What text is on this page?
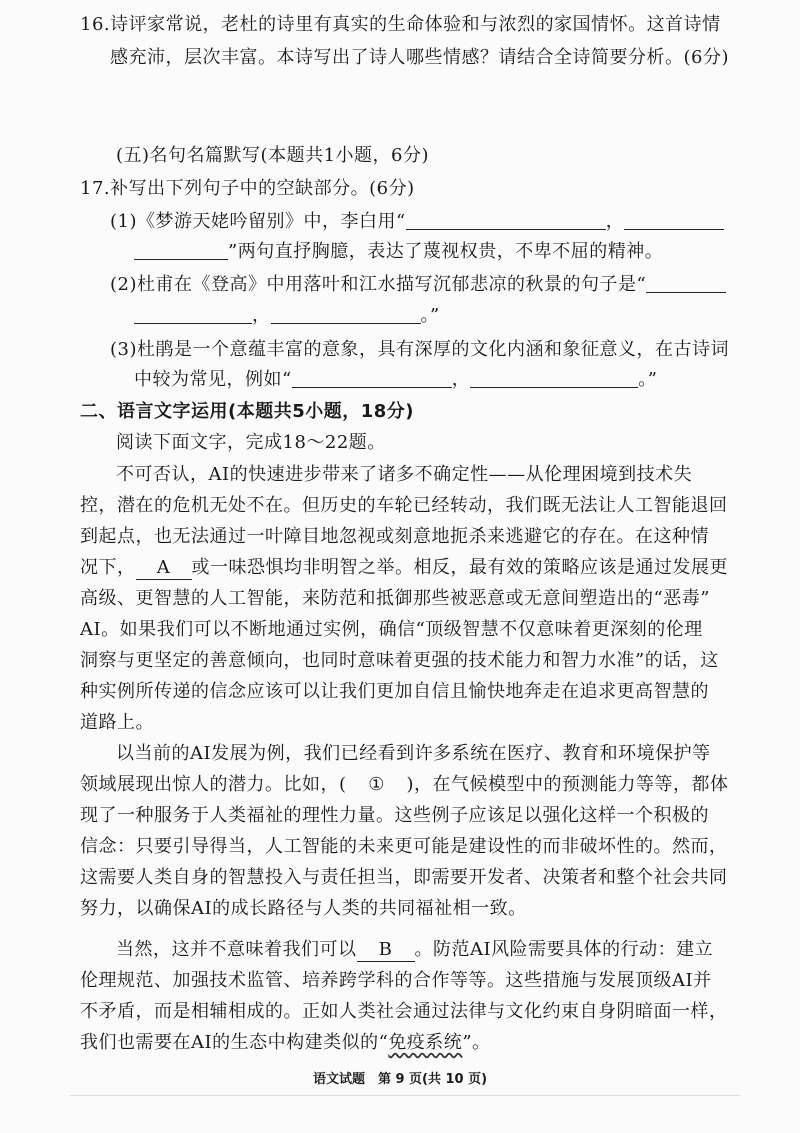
16.诗评家常说，老杜的诗里有真实的生命体验和与浓烈的家国情怀。这首诗情
感充沛，层次丰富。本诗写出了诗人哪些情感？请结合全诗简要分析。(6分)
(五)名句名篇默写(本题共1小题，6分)
17.补写出下列句子中的空缺部分。(6分)
(1)《梦游天姥吟留别》中，李白用“	，
”两句直抒胸臆，表达了蔑视权贵，不卑不屈的精神。
(2)杜甫在《登高》中用落叶和江水描写沉郁悲凉的秋景的句子是“
，	。”
(3)杜鹃是一个意蕴丰富的意象，具有深厚的文化内涵和象征意义，在古诗词
中较为常见，例如“	，	。”
二、语言文字运用(本题共5小题，18分)
阅读下面文字，完成18～22题。
不可否认，AI的快速进步带来了诸多不确定性——从伦理困境到技术失
控，潜在的危机无处不在。但历史的车轮已经转动，我们既无法让人工智能退回
到起点，也无法通过一叶障目地忽视或刻意地扼杀来逃避它的存在。在这种情
况下， A 或一味恐惧均非明智之举。相反，最有效的策略应该是通过发展更
高级、更智慧的人工智能，来防范和抵御那些被恶意或无意间塑造出的“恶毒”
AI。如果我们可以不断地通过实例，确信“顶级智慧不仅意味着更深刻的伦理
洞察与更坚定的善意倾向，也同时意味着更强的技术能力和智力水准”的话，这
种实例所传递的信念应该可以让我们更加自信且愉快地奔走在追求更高智慧的
道路上。
以当前的AI发展为例，我们已经看到许多系统在医疗、教育和环境保护等
领域展现出惊人的潜力。比如，( ① )，在气候模型中的预测能力等等，都体
现了一种服务于人类福祉的理性力量。这些例子应该足以强化这样一个积极的
信念：只要引导得当，人工智能的未来更可能是建设性的而非破坏性的。然而，
这需要人类自身的智慧投入与责任担当，即需要开发者、决策者和整个社会共同
努力，以确保AI的成长路径与人类的共同福祉相一致。
当然，这并不意味着我们可以 B 。防范AI风险需要具体的行动：建立
伦理规范、加强技术监管、培养跨学科的合作等等。这些措施与发展顶级AI并
不矛盾，而是相辅相成的。正如人类社会通过法律与文化约束自身阴暗面一样，
我们也需要在AI的生态中构建类似的“免疫系统”。
语文试题　第 9 页(共 10 页)
